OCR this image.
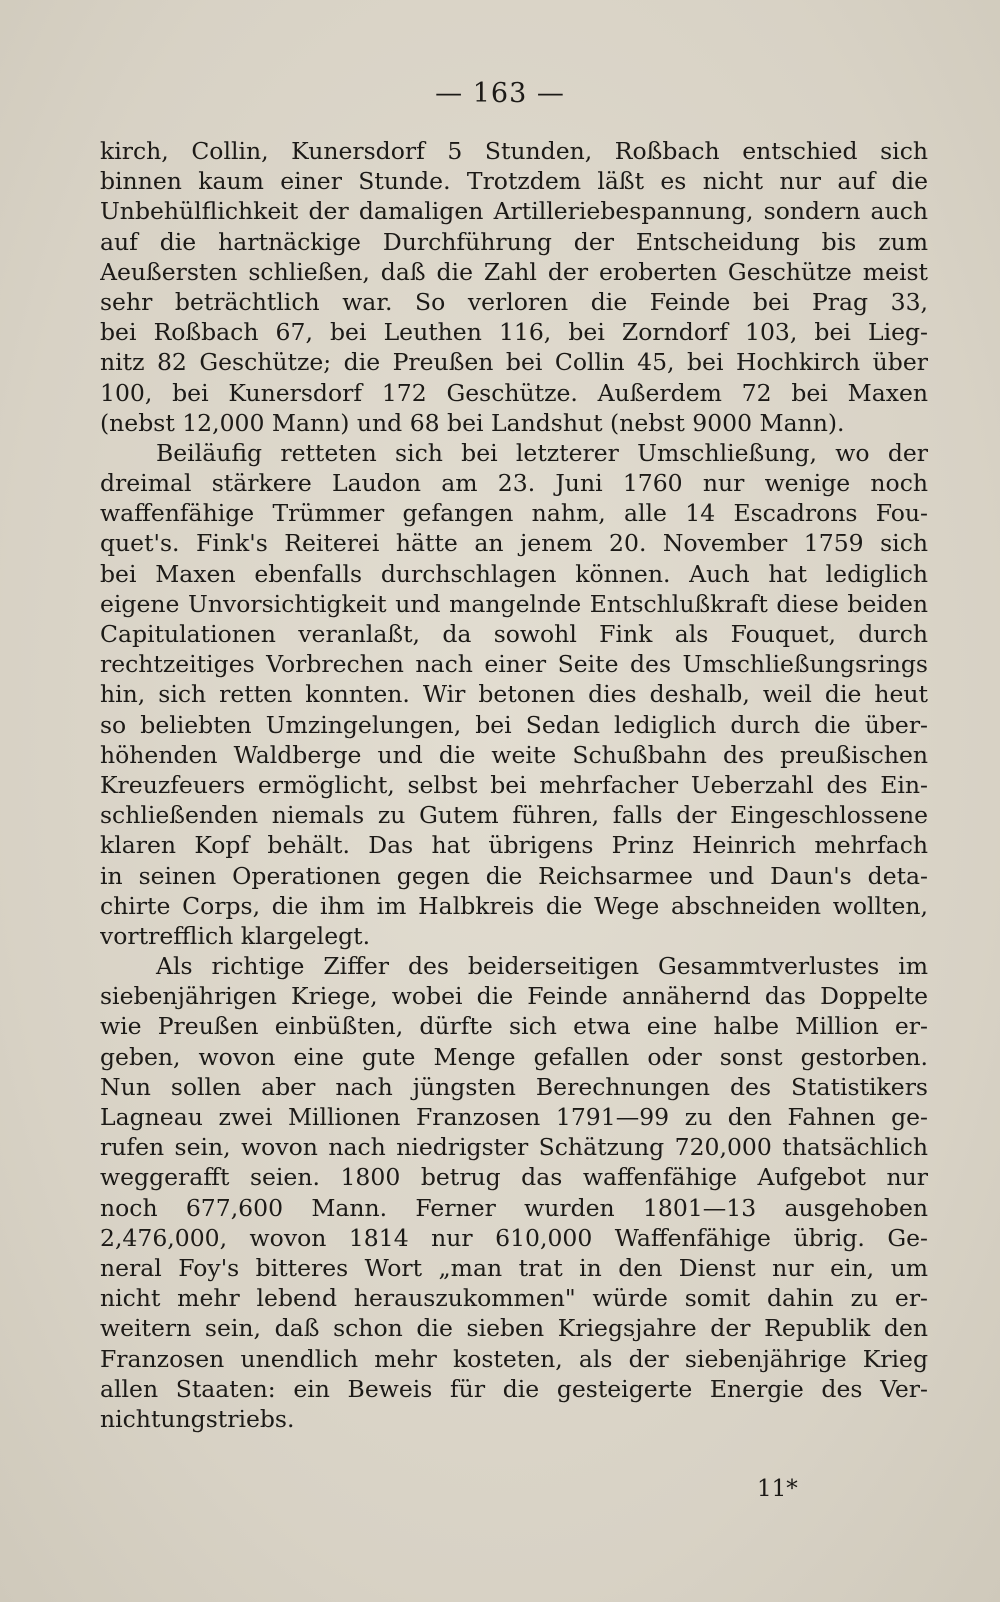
— 163 —
kirch, Collin, Kunersdorf 5 Stunden, Roßbach entschied sich
binnen kaum einer Stunde. Trotzdem läßt es nicht nur auf die
Unbehülflichkeit der damaligen Artilleriebespannung, sondern auch
auf die hartnäckige Durchführung der Entscheidung bis zum
Aeußersten schließen, daß die Zahl der eroberten Geschütze meist
sehr beträchtlich war. So verloren die Feinde bei Prag 33,
bei Roßbach 67, bei Leuthen 116, bei Zorndorf 103, bei Lieg-
nitz 82 Geschütze; die Preußen bei Collin 45, bei Hochkirch über
100, bei Kunersdorf 172 Geschütze. Außerdem 72 bei Maxen
(nebst 12,000 Mann) und 68 bei Landshut (nebst 9000 Mann).
Beiläufig retteten sich bei letzterer Umschließung, wo der
dreimal stärkere Laudon am 23. Juni 1760 nur wenige noch
waffenfähige Trümmer gefangen nahm, alle 14 Escadrons Fou-
quet's. Fink's Reiterei hätte an jenem 20. November 1759 sich
bei Maxen ebenfalls durchschlagen können. Auch hat lediglich
eigene Unvorsichtigkeit und mangelnde Entschlußkraft diese beiden
Capitulationen veranlaßt, da sowohl Fink als Fouquet, durch
rechtzeitiges Vorbrechen nach einer Seite des Umschließungsrings
hin, sich retten konnten. Wir betonen dies deshalb, weil die heut
so beliebten Umzingelungen, bei Sedan lediglich durch die über-
höhenden Waldberge und die weite Schußbahn des preußischen
Kreuzfeuers ermöglicht, selbst bei mehrfacher Ueberzahl des Ein-
schließenden niemals zu Gutem führen, falls der Eingeschlossene
klaren Kopf behält. Das hat übrigens Prinz Heinrich mehrfach
in seinen Operationen gegen die Reichsarmee und Daun's deta-
chirte Corps, die ihm im Halbkreis die Wege abschneiden wollten,
vortrefflich klargelegt.
Als richtige Ziffer des beiderseitigen Gesammtverlustes im
siebenjährigen Kriege, wobei die Feinde annähernd das Doppelte
wie Preußen einbüßten, dürfte sich etwa eine halbe Million er-
geben, wovon eine gute Menge gefallen oder sonst gestorben.
Nun sollen aber nach jüngsten Berechnungen des Statistikers
Lagneau zwei Millionen Franzosen 1791—99 zu den Fahnen ge-
rufen sein, wovon nach niedrigster Schätzung 720,000 thatsächlich
weggerafft seien. 1800 betrug das waffenfähige Aufgebot nur
noch 677,600 Mann. Ferner wurden 1801—13 ausgehoben
2,476,000, wovon 1814 nur 610,000 Waffenfähige übrig. Ge-
neral Foy's bitteres Wort „man trat in den Dienst nur ein, um
nicht mehr lebend herauszukommen" würde somit dahin zu er-
weitern sein, daß schon die sieben Kriegsjahre der Republik den
Franzosen unendlich mehr kosteten, als der siebenjährige Krieg
allen Staaten: ein Beweis für die gesteigerte Energie des Ver-
nichtungstriebs.
11*
